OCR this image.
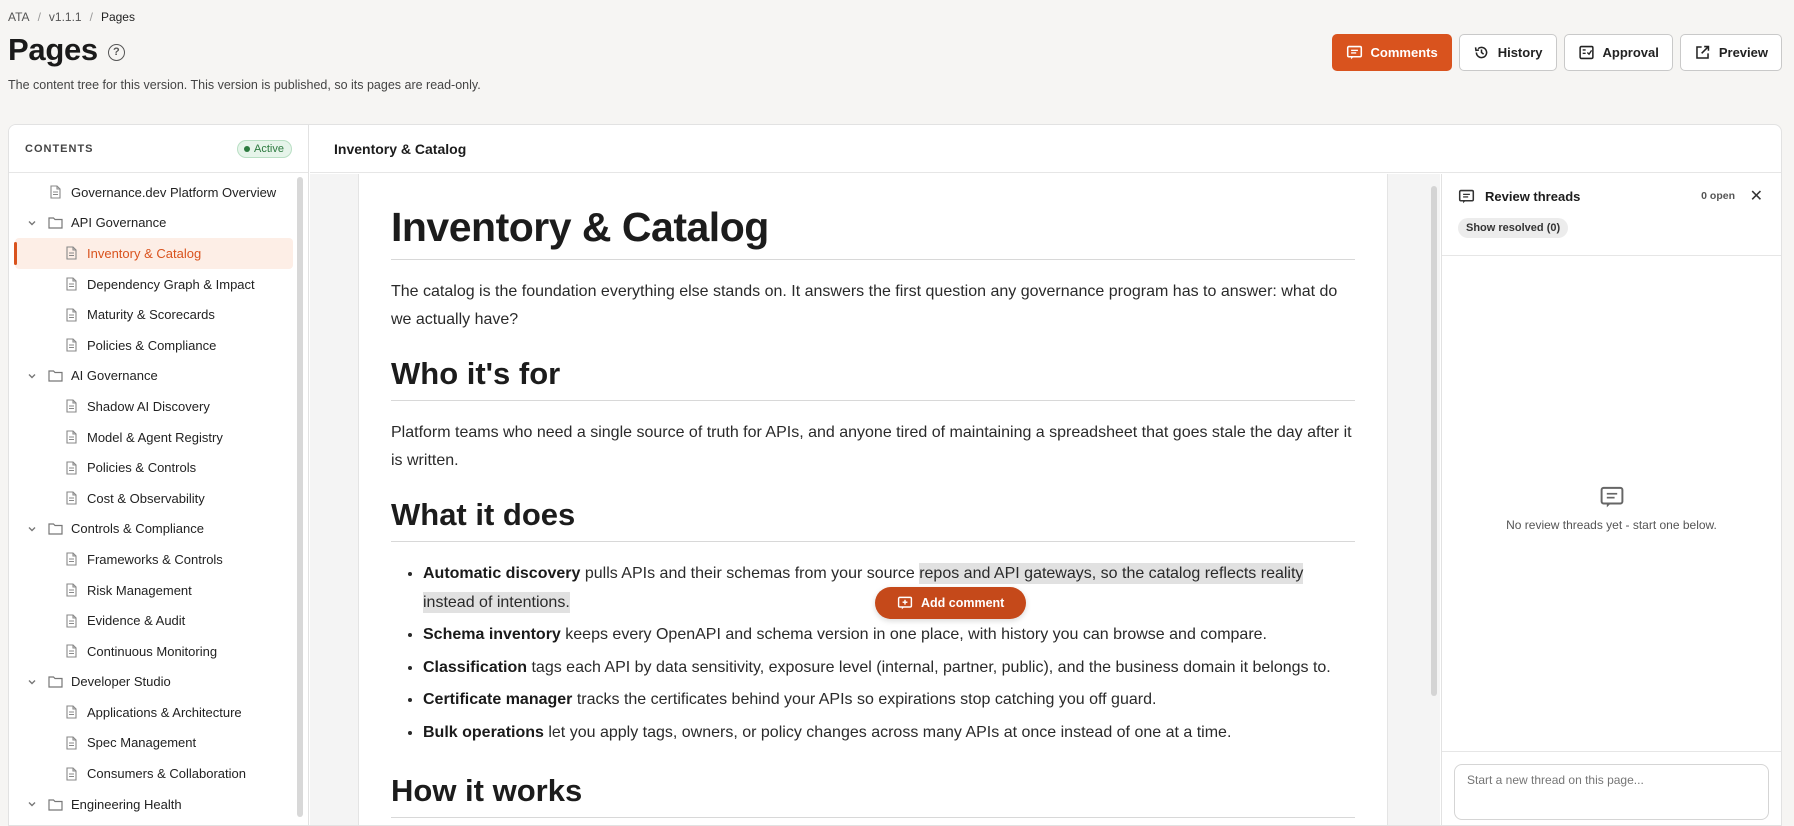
ATA / v1.1.1 / Pages
Pages	?
The content tree for this version. This version is published, so its pages are read-only.
Comments	History	Approval	Preview
CONTENTS	Active
Governance.dev Platform Overview
API Governance
Inventory & Catalog
Dependency Graph & Impact
Maturity & Scorecards
Policies & Compliance
AI Governance
Shadow AI Discovery
Model & Agent Registry
Policies & Controls
Cost & Observability
Controls & Compliance
Frameworks & Controls
Risk Management
Evidence & Audit
Continuous Monitoring
Developer Studio
Applications & Architecture
Spec Management
Consumers & Collaboration
Engineering Health
Inventory & Catalog
Inventory & Catalog

The catalog is the foundation everything else stands on. It answers the first question any governance program has to answer: what do we actually have?

Who it's for

Platform teams who need a single source of truth for APIs, and anyone tired of maintaining a spreadsheet that goes stale the day after it is written.

What it does
• Automatic discovery pulls APIs and their schemas from your source repos and API gateways, so the catalog reflects reality instead of intentions.
• Schema inventory keeps every OpenAPI and schema version in one place, with history you can browse and compare.
• Classification tags each API by data sensitivity, exposure level (internal, partner, public), and the business domain it belongs to.
• Certificate manager tracks the certificates behind your APIs so expirations stop catching you off guard.
• Bulk operations let you apply tags, owners, or policy changes across many APIs at once instead of one at a time.
How it works
Add comment
Review threads	0 open ✕
Show resolved (0)
No review threads yet - start one below.
Start a new thread on this page...
